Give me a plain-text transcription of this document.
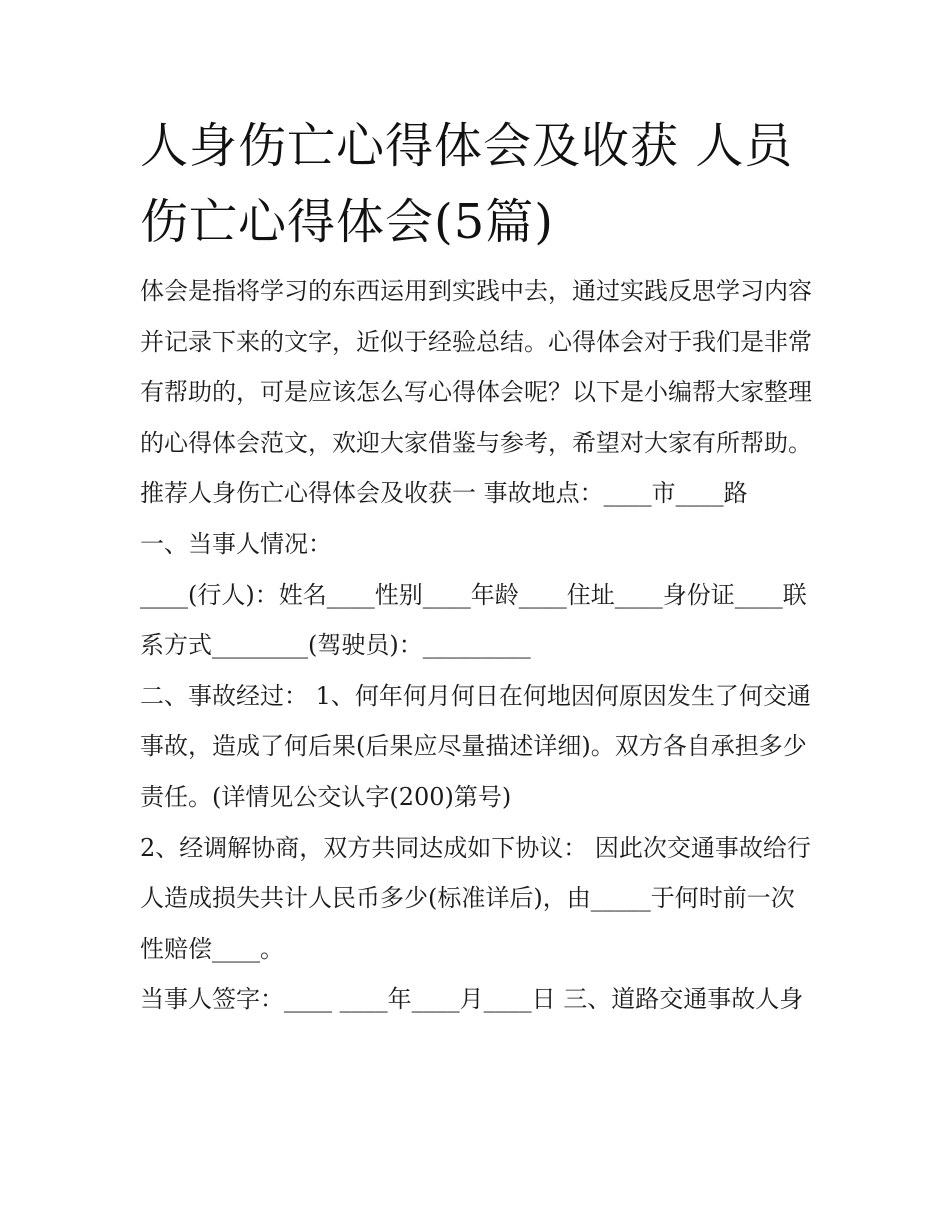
人身伤亡心得体会及收获 人员伤亡心得体会(5篇)

体会是指将学习的东西运用到实践中去，通过实践反思学习内容并记录下来的文字，近似于经验总结。心得体会对于我们是非常有帮助的，可是应该怎么写心得体会呢？以下是小编帮大家整理的心得体会范文，欢迎大家借鉴与参考，希望对大家有所帮助。

推荐人身伤亡心得体会及收获一 事故地点：____市____路

一、当事人情况：

____(行人)：姓名____性别____年龄____住址____身份证____联系方式________(驾驶员)：_________

二、事故经过： 1、何年何月何日在何地因何原因发生了何交通事故，造成了何后果(后果应尽量描述详细)。双方各自承担多少责任。(详情见公交认字(200)第号)

2、经调解协商，双方共同达成如下协议： 因此次交通事故给行人造成损失共计人民币多少(标准详后)，由_____于何时前一次性赔偿____。

当事人签字：____ ____年____月____日 三、道路交通事故人身
